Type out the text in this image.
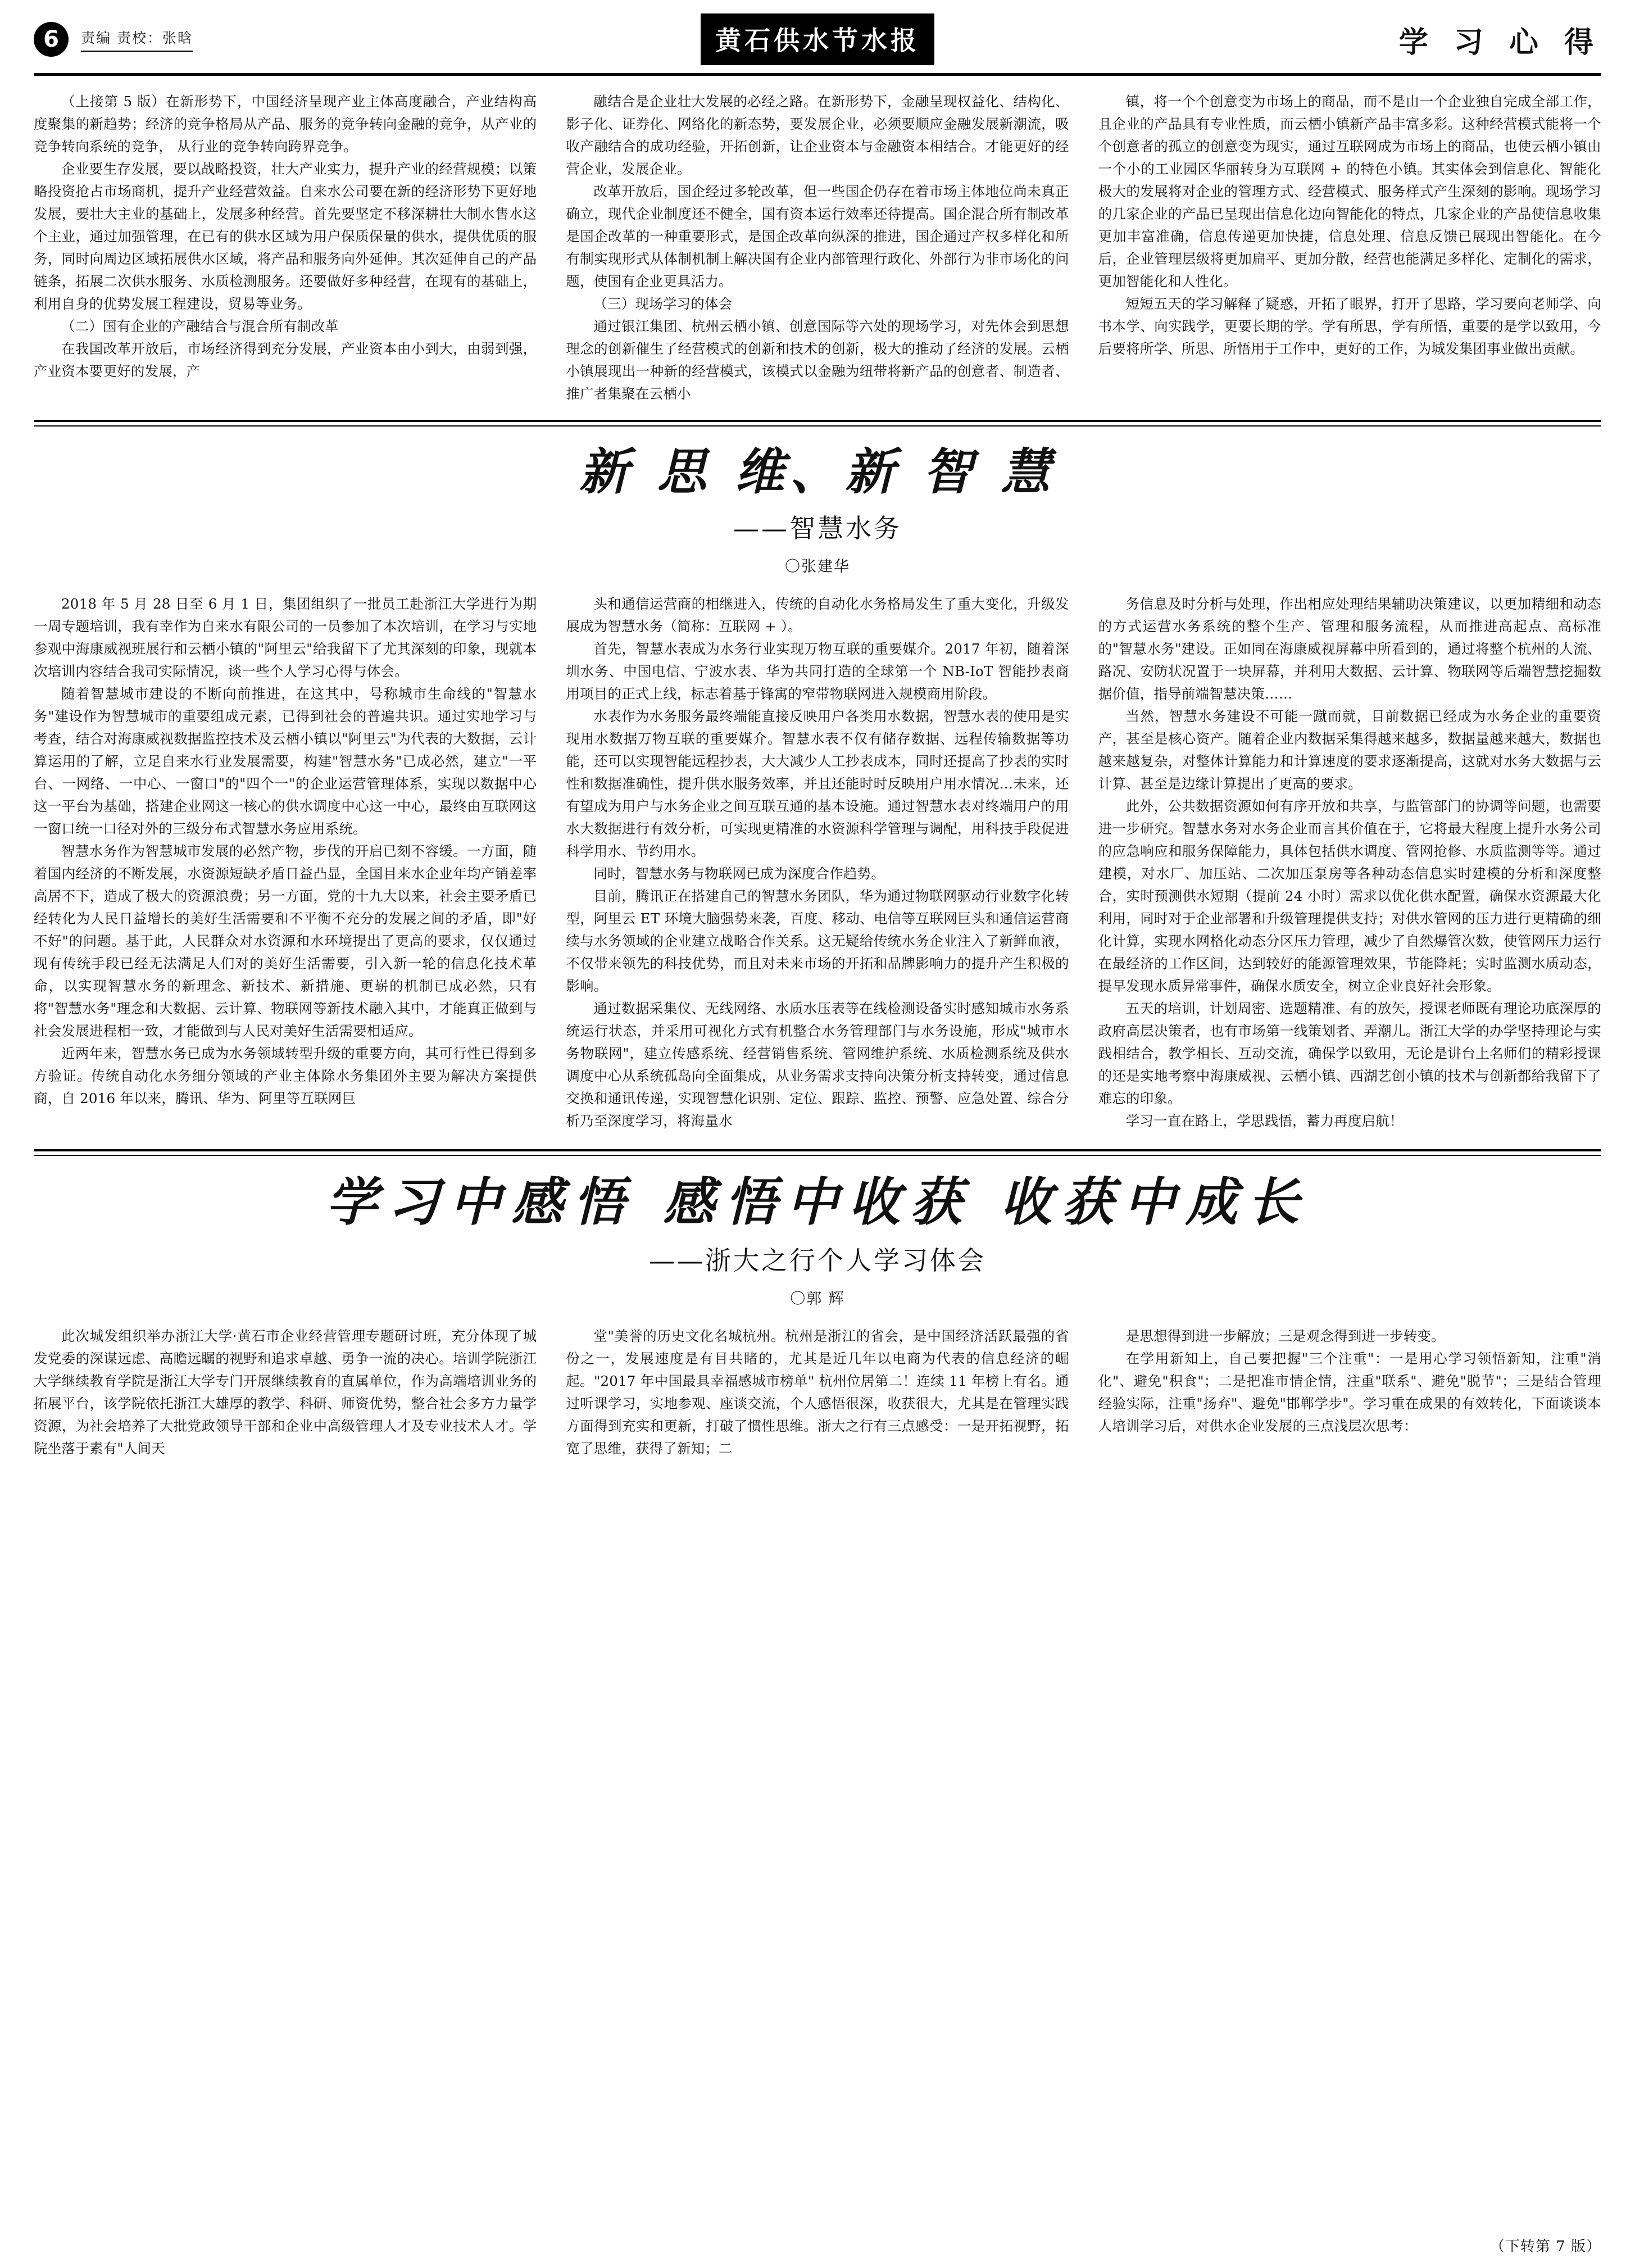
6	责编 责校：张晗	黄石供水节水报	学 习 心 得

（上接第 5 版）在新形势下，中国经济呈现产业主体高度融合，产业结构高度聚集的新趋势；经济的竞争格局从产品、服务的竞争转向金融的竞争，从产业的竞争转向系统的竞争， 从行业的竞争转向跨界竞争。

企业要生存发展，要以战略投资，壮大产业实力，提升产业的经营规模；以策略投资抢占市场商机，提升产业经营效益。自来水公司要在新的经济形势下更好地发展，要壮大主业的基础上，发展多种经营。首先要坚定不移深耕壮大制水售水这个主业，通过加强管理，在已有的供水区域为用户保质保量的供水，提供优质的服务，同时向周边区域拓展供水区域，将产品和服务向外延伸。其次延伸自己的产品链条，拓展二次供水服务、水质检测服务。还要做好多种经营，在现有的基础上，利用自身的优势发展工程建设，贸易等业务。

（二）国有企业的产融结合与混合所有制改革

在我国改革开放后，市场经济得到充分发展，产业资本由小到大，由弱到强，产业资本要更好的发展，产

融结合是企业壮大发展的必经之路。在新形势下，金融呈现权益化、结构化、影子化、证券化、网络化的新态势，要发展企业，必须要顺应金融发展新潮流，吸收产融结合的成功经验，开拓创新，让企业资本与金融资本相结合。才能更好的经营企业，发展企业。

改革开放后，国企经过多轮改革，但一些国企仍存在着市场主体地位尚未真正确立，现代企业制度还不健全，国有资本运行效率还待提高。国企混合所有制改革是国企改革的一种重要形式，是国企改革向纵深的推进，国企通过产权多样化和所有制实现形式从体制机制上解决国有企业内部管理行政化、外部行为非市场化的问题，使国有企业更具活力。

（三）现场学习的体会

通过银江集团、杭州云栖小镇、创意国际等六处的现场学习，对先体会到思想理念的创新催生了经营模式的创新和技术的创新，极大的推动了经济的发展。云栖小镇展现出一种新的经营模式，该模式以金融为纽带将新产品的创意者、制造者、推广者集聚在云栖小

镇，将一个个创意变为市场上的商品，而不是由一个企业独自完成全部工作，且企业的产品具有专业性质，而云栖小镇新产品丰富多彩。这种经营模式能将一个个创意者的孤立的创意变为现实，通过互联网成为市场上的商品，也使云栖小镇由一个小的工业园区华丽转身为互联网 + 的特色小镇。其实体会到信息化、智能化极大的发展将对企业的管理方式、经营模式、服务样式产生深刻的影响。现场学习的几家企业的产品已呈现出信息化边向智能化的特点，几家企业的产品使信息收集更加丰富准确，信息传递更加快捷，信息处理、信息反馈已展现出智能化。在今后，企业管理层级将更加扁平、更加分散，经营也能满足多样化、定制化的需求，更加智能化和人性化。

短短五天的学习解释了疑惑，开拓了眼界，打开了思路，学习要向老师学、向书本学、向实践学，更要长期的学。学有所思，学有所悟，重要的是学以致用，今后要将所学、所思、所悟用于工作中，更好的工作，为城发集团事业做出贡献。

新 思 维、新 智 慧
——智慧水务
〇张建华

2018 年 5 月 28 日至 6 月 1 日，集团组织了一批员工赴浙江大学进行为期一周专题培训，我有幸作为自来水有限公司的一员参加了本次培训，在学习与实地参观中海康威视班展行和云栖小镇的"阿里云"给我留下了尤其深刻的印象，现就本次培训内容结合我司实际情况，谈一些个人学习心得与体会。

随着智慧城市建设的不断向前推进，在这其中，号称城市生命线的"智慧水务"建设作为智慧城市的重要组成元素，已得到社会的普遍共识。通过实地学习与考查，结合对海康威视数据监控技术及云栖小镇以"阿里云"为代表的大数据，云计算运用的了解，立足自来水行业发展需要，构建"智慧水务"已成必然，建立"一平台、一网络、一中心、一窗口"的"四个一"的企业运营管理体系，实现以数据中心这一平台为基础，搭建企业网这一核心的供水调度中心这一中心，最终由互联网这一窗口统一口径对外的三级分布式智慧水务应用系统。

智慧水务作为智慧城市发展的必然产物，步伐的开启已刻不容缓。一方面，随着国内经济的不断发展，水资源短缺矛盾日益凸显，全国目来水企业年均产销差率高居不下，造成了极大的资源浪费；另一方面，党的十九大以来，社会主要矛盾已经转化为人民日益增长的美好生活需要和不平衡不充分的发展之间的矛盾，即"好不好"的问题。基于此，人民群众对水资源和水环境提出了更高的要求，仅仅通过现有传统手段已经无法满足人们对的美好生活需要，引入新一轮的信息化技术革命，以实现智慧水务的新理念、新技术、新措施、更崭的机制已成必然，只有将"智慧水务"理念和大数据、云计算、物联网等新技术融入其中，才能真正做到与社会发展进程相一致，才能做到与人民对美好生活需要相适应。

近两年来，智慧水务已成为水务领域转型升级的重要方向，其可行性已得到多方验证。传统自动化水务细分领域的产业主体除水务集团外主要为解决方案提供商，自 2016 年以来，腾讯、华为、阿里等互联网巨

头和通信运营商的相继进入，传统的自动化水务格局发生了重大变化，升级发展成为智慧水务（简称：互联网 + ）。

首先，智慧水表成为水务行业实现万物互联的重要媒介。2017 年初，随着深圳水务、中国电信、宁波水表、华为共同打造的全球第一个 NB-IoT 智能抄表商用项目的正式上线，标志着基于锋寓的窄带物联网进入规模商用阶段。

水表作为水务服务最终端能直接反映用户各类用水数据，智慧水表的使用是实现用水数据万物互联的重要媒介。智慧水表不仅有储存数据、远程传输数据等功能，还可以实现智能远程抄表，大大减少人工抄表成本，同时还提高了抄表的实时性和数据准确性，提升供水服务效率，并且还能时时反映用户用水情况…未来，还有望成为用户与水务企业之间互联互通的基本设施。通过智慧水表对终端用户的用水大数据进行有效分析，可实现更精准的水资源科学管理与调配，用科技手段促进科学用水、节约用水。

同时，智慧水务与物联网已成为深度合作趋势。

目前，腾讯正在搭建自己的智慧水务团队，华为通过物联网驱动行业数字化转型，阿里云 ET 环境大脑强势来袭，百度、移动、电信等互联网巨头和通信运营商续与水务领域的企业建立战略合作关系。这无疑给传统水务企业注入了新鲜血液，不仅带来领先的科技优势，而且对未来市场的开拓和品牌影响力的提升产生积极的影响。

通过数据采集仪、无线网络、水质水压表等在线检测设备实时感知城市水务系统运行状态，并采用可视化方式有机整合水务管理部门与水务设施，形成"城市水务物联网"，建立传感系统、经营销售系统、管网维护系统、水质检测系统及供水调度中心从系统孤岛向全面集成，从业务需求支持向决策分析支持转变，通过信息交换和通讯传递，实现智慧化识别、定位、跟踪、监控、预警、应急处置、综合分析乃至深度学习，将海量水

务信息及时分析与处理，作出相应处理结果辅助决策建议，以更加精细和动态的方式运营水务系统的整个生产、管理和服务流程，从而推进高起点、高标准的"智慧水务"建设。正如同在海康威视屏幕中所看到的，通过将整个杭州的人流、路况、安防状况置于一块屏幕，并利用大数据、云计算、物联网等后端智慧挖掘数据价值，指导前端智慧决策……

当然，智慧水务建设不可能一蹴而就，目前数据已经成为水务企业的重要资产，甚至是核心资产。随着企业内数据采集得越来越多，数据量越来越大，数据也越来越复杂，对整体计算能力和计算速度的要求逐渐提高，这就对水务大数据与云计算、甚至是边缘计算提出了更高的要求。

此外，公共数据资源如何有序开放和共享，与监管部门的协调等问题，也需要进一步研究。智慧水务对水务企业而言其价值在于，它将最大程度上提升水务公司的应急响应和服务保障能力，具体包括供水调度、管网抢修、水质监测等等。通过建模，对水厂、加压站、二次加压泵房等各种动态信息实时建模的分析和深度整合，实时预测供水短期（提前 24 小时）需求以优化供水配置，确保水资源最大化利用，同时对于企业部署和升级管理提供支持；对供水管网的压力进行更精确的细化计算，实现水网格化动态分区压力管理，减少了自然爆管次数，使管网压力运行在最经济的工作区间，达到较好的能源管理效果，节能降耗；实时监测水质动态，提早发现水质异常事件，确保水质安全，树立企业良好社会形象。

五天的培训，计划周密、选题精准、有的放矢，授课老师既有理论功底深厚的政府高层决策者，也有市场第一线策划者、弄潮儿。浙江大学的办学坚持理论与实践相结合，教学相长、互动交流，确保学以致用，无论是讲台上名师们的精彩授课的还是实地考察中海康威视、云栖小镇、西湖艺创小镇的技术与创新都给我留下了难忘的印象。

学习一直在路上，学思践悟，蓄力再度启航！

学习中感悟 感悟中收获 收获中成长
——浙大之行个人学习体会
〇郭 辉

此次城发组织举办浙江大学·黄石市企业经营管理专题研讨班，充分体现了城发党委的深谋远虑、高瞻远瞩的视野和追求卓越、勇争一流的决心。培训学院浙江大学继续教育学院是浙江大学专门开展继续教育的直属单位，作为高端培训业务的拓展平台，该学院依托浙江大雄厚的教学、科研、师资优势，整合社会多方力量学资源，为社会培养了大批党政领导干部和企业中高级管理人才及专业技术人才。学院坐落于素有"人间天

堂"美誉的历史文化名城杭州。杭州是浙江的省会，是中国经济活跃最强的省份之一，发展速度是有目共睹的，尤其是近几年以电商为代表的信息经济的崛起。"2017 年中国最具幸福感城市榜单" 杭州位居第二！连续 11 年榜上有名。通过听课学习，实地参观、座谈交流，个人感悟很深，收获很大，尤其是在管理实践方面得到充实和更新，打破了惯性思维。浙大之行有三点感受：一是开拓视野，拓宽了思维，获得了新知；二

是思想得到进一步解放；三是观念得到进一步转变。

在学用新知上，自己要把握"三个注重"：一是用心学习领悟新知，注重"消化"、避免"积食"；二是把准市情企情，注重"联系"、避免"脱节"；三是结合管理经验实际，注重"扬弃"、避免"邯郸学步"。学习重在成果的有效转化，下面谈谈本人培训学习后，对供水企业发展的三点浅层次思考：

（下转第 7 版）
